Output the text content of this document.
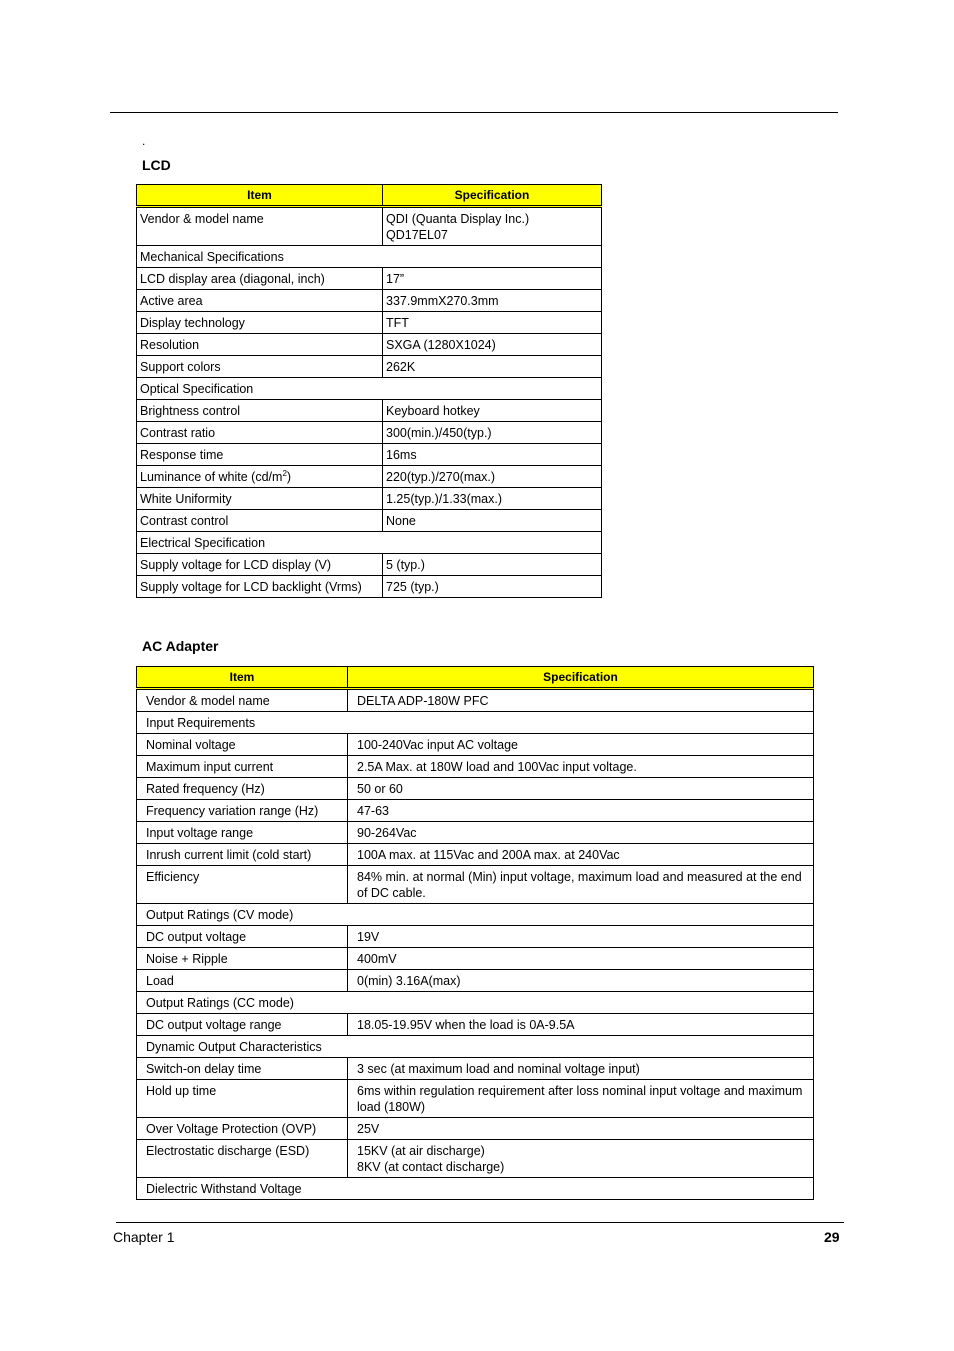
.
LCD
Item	Specification
Vendor & model name	QDI (Quanta Display Inc.)
QD17EL07
Mechanical Specifications	
LCD display area (diagonal, inch)	17”
Active area	337.9mmX270.3mm
Display technology	TFT
Resolution	SXGA (1280X1024)
Support colors	262K
Optical Specification	
Brightness control	Keyboard hotkey
Contrast ratio	300(min.)/450(typ.)
Response time	16ms
Luminance of white $(cd/m^2)$	220(typ.)/270(max.)
White Uniformity	1.25(typ.)/1.33(max.)
Contrast control	None
Electrical Specification	
Supply voltage for LCD display (V)	5 (typ.)
Supply voltage for LCD backlight (Vrms)	725 (typ.)
AC Adapter
Item	Specification
Vendor & model name	DELTA ADP-180W PFC
Input Requirements	
Nominal voltage	100-240Vac input AC voltage
Maximum input current	2.5A Max. at 180W load and 100Vac input voltage.
Rated frequency (Hz)	50 or 60
Frequency variation range (Hz)	47-63
Input voltage range	90-264Vac
Inrush current limit (cold start)	100A max. at 115Vac and 200A max. at 240Vac
Efficiency	84% min. at normal (Min) input voltage, maximum load and measured at the end of DC cable.
Output Ratings (CV mode)	
DC output voltage	19V
Noise + Ripple	400mV
Load	0(min) 3.16A(max)
Output Ratings (CC mode)	
DC output voltage range	18.05-19.95V when the load is 0A-9.5A
Dynamic Output Characteristics	
Switch-on delay time	3 sec (at maximum load and nominal voltage input)
Hold up time	6ms within regulation requirement after loss nominal input voltage and maximum load (180W)
Over Voltage Protection (OVP)	25V
Electrostatic discharge (ESD)	15KV (at air discharge)
8KV (at contact discharge)
Dielectric Withstand Voltage	
Chapter 1	29
